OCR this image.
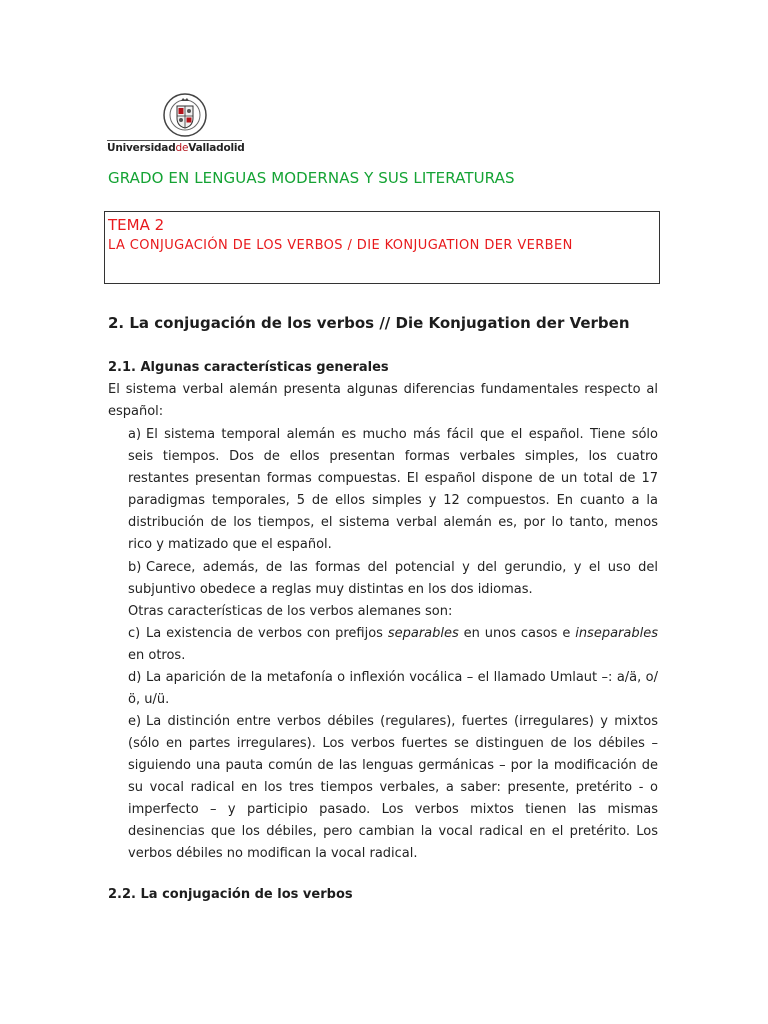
UniversidaddeValladolid
GRADO EN LENGUAS MODERNAS Y SUS LITERATURAS
TEMA 2
LA CONJUGACIÓN DE LOS VERBOS / DIE KONJUGATION DER VERBEN
2. La conjugación de los verbos // Die Konjugation der Verben
2.1. Algunas características generales
El sistema verbal alemán presenta algunas diferencias fundamentales respecto al español:
a) El sistema temporal alemán es mucho más fácil que el español. Tiene sólo seis tiempos. Dos de ellos presentan formas verbales simples, los cuatro restantes presentan formas compuestas. El español dispone de un total de 17 paradigmas temporales, 5 de ellos simples y 12 compuestos. En cuanto a la distribución de los tiempos, el sistema verbal alemán es, por lo tanto, menos rico y matizado que el español.
b) Carece, además, de las formas del potencial y del gerundio, y el uso del subjuntivo obedece a reglas muy distintas en los dos idiomas.
Otras características de los verbos alemanes son:
c) La existencia de verbos con prefijos separables en unos casos e inseparables en otros.
d) La aparición de la metafonía o inflexión vocálica – el llamado Umlaut –: a/ä, o/ö, u/ü.
e) La distinción entre verbos débiles (regulares), fuertes (irregulares) y mixtos (sólo en partes irregulares). Los verbos fuertes se distinguen de los débiles – siguiendo una pauta común de las lenguas germánicas – por la modificación de su vocal radical en los tres tiempos verbales, a saber: presente, pretérito - o imperfecto – y participio pasado. Los verbos mixtos tienen las mismas desinencias que los débiles, pero cambian la vocal radical en el pretérito. Los verbos débiles no modifican la vocal radical.
2.2. La conjugación de los verbos
